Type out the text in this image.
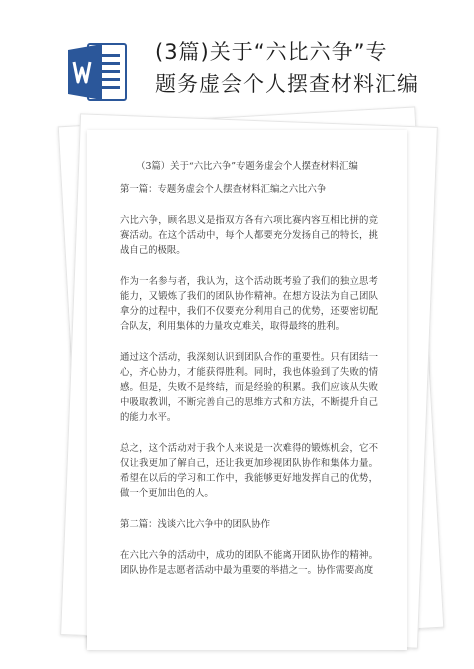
(3篇)关于“六比六争”专
题务虚会个人摆查材料汇编
（3篇）关于“六比六争”专题务虚会个人摆查材料汇编

第一篇：专题务虚会个人摆查材料汇编之六比六争

六比六争，顾名思义是指双方各有六项比赛内容互相比拼的竞赛活动。在这个活动中，每个人都要充分发扬自己的特长，挑战自己的极限。

作为一名参与者，我认为，这个活动既考验了我们的独立思考能力，又锻炼了我们的团队协作精神。在想方设法为自己团队拿分的过程中，我们不仅要充分利用自己的优势，还要密切配合队友，利用集体的力量攻克难关，取得最终的胜利。

通过这个活动，我深刻认识到团队合作的重要性。只有团结一心，齐心协力，才能获得胜利。同时，我也体验到了失败的情感。但是，失败不是终结，而是经验的积累。我们应该从失败中吸取教训，不断完善自己的思维方式和方法，不断提升自己的能力水平。

总之，这个活动对于我个人来说是一次难得的锻炼机会，它不仅让我更加了解自己，还让我更加珍视团队协作和集体力量。希望在以后的学习和工作中，我能够更好地发挥自己的优势，做一个更加出色的人。

第二篇：浅谈六比六争中的团队协作

在六比六争的活动中，成功的团队不能离开团队协作的精神。团队协作是志愿者活动中最为重要的举措之一。协作需要高度
